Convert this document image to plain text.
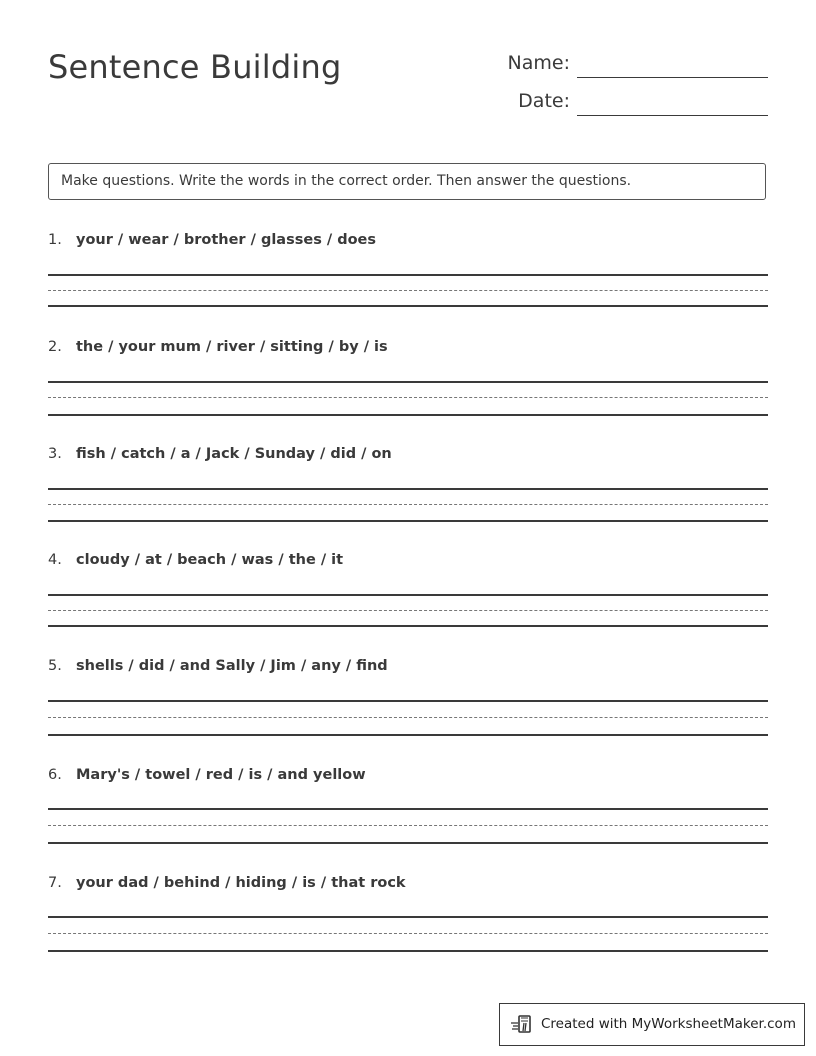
Sentence Building	Name:
Date:
Make questions. Write the words in the correct order. Then answer the questions.
1. your / wear / brother / glasses / does
2. the / your mum / river / sitting / by / is
3. fish / catch / a / Jack / Sunday / did / on
4. cloudy / at / beach / was / the / it
5. shells / did / and Sally / Jim / any / find
6. Mary's / towel / red / is / and yellow
7. your dad / behind / hiding / is / that rock
Created with MyWorksheetMaker.com
